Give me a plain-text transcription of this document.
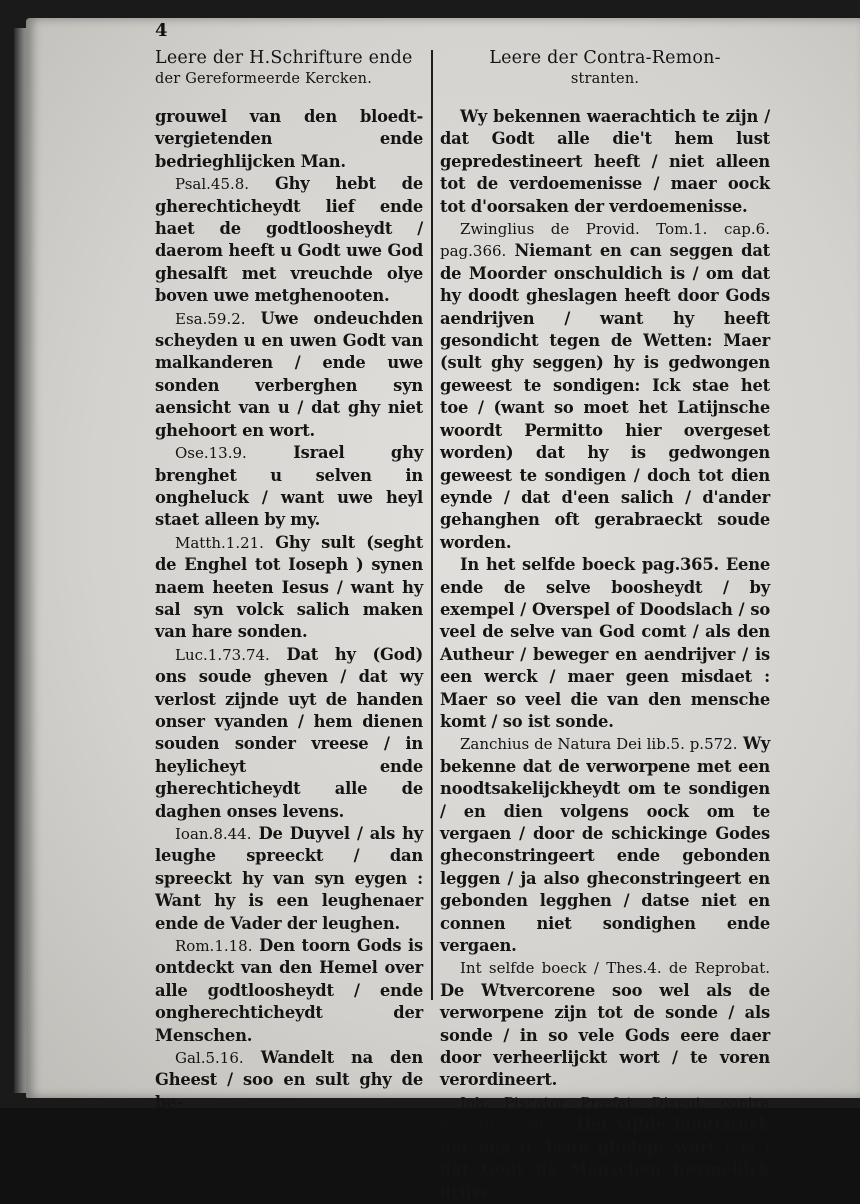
4
Leere der H.Schrifture ende
der Gereformeerde Kercken.

grouwel van den bloedt-vergietenden ende bedrieghlijcken Man.

Psal.45.8. Ghy hebt de gherechticheydt lief ende haet de godtloosheydt / daerom heeft u Godt uwe God ghesalft met vreuchde olye boven uwe metghenooten.

Esa.59.2. Uwe ondeuchden scheyden u en uwen Godt van malkanderen / ende uwe sonden verberghen syn aensicht van u / dat ghy niet ghehoort en wort.

Ose.13.9.	Israel ghy brenghet u selven in ongheluck / want uwe heyl staet alleen by my.

Matth.1.21. Ghy sult (seght de Enghel tot Ioseph ) synen naem heeten Iesus / want hy sal syn volck salich maken van hare sonden.

Luc.1.73.74. Dat hy (God) ons soude gheven / dat wy verlost zijnde uyt de handen onser vyanden / hem dienen souden sonder vreese / in heylicheyt ende gherechticheydt alle de daghen onses levens.

Ioan.8.44. De Duyvel / als hy leughe spreeckt / dan spreeckt hy van syn eygen : Want hy is een leughenaer ende de Vader der leughen.

Rom.1.18. Den toorn Gods is ontdeckt van den Hemel over alle godtloosheydt / ende ongherechticheydt der Menschen.

Gal.5.16. Wandelt na den Gheest / soo en sult ghy de be-

Leere der Contra-Remon-
stranten.

Wy bekennen waerachtich te zijn / dat Godt alle die't hem lust gepredestineert heeft / niet alleen tot de verdoemenisse / maer oock tot d'oorsaken der verdoemenisse.

Zwinglius de Provid. Tom.1. cap.6. pag.366. Niemant en can seggen dat de Moorder onschuldich is / om dat hy doodt gheslagen heeft door Gods aendrijven / want hy heeft gesondicht tegen de Wetten: Maer (sult ghy seggen) hy is gedwongen geweest te sondigen: Ick stae het toe / (want so moet het Latijnsche woordt Permitto hier overgeset worden) dat hy is gedwongen geweest te sondigen / doch tot dien eynde / dat d'een salich / d'ander gehanghen oft gerabraeckt soude worden.

In het selfde boeck pag.365. Eene ende de selve boosheydt / by exempel / Overspel of Doodslach / so veel de selve van God comt / als den Autheur / beweger en aendrijver / is een werck / maer geen misdaet : Maer so veel die van den mensche komt / so ist sonde.

Zanchius de Natura Dei lib.5. p.572. Wy bekenne dat de verworpene met een noodtsakelijckheydt om te sondigen / en dien volgens oock om te vergaen / door de schickinge Godes gheconstringeert ende gebonden leggen / ja also gheconstringeert en gebonden legghen / datse niet en connen niet sondighen ende vergaen.

Int selfde boeck / Thes.4. de Reprobat. De Wtvercorene soo wel als de verworpene zijn tot de sonde / als sonde / in so vele Gods eere daer door verheerlijckt wort / te voren verordineert.

Ioh. Piscator Præfat. Disput. contra Schasma. pag.7. Het vijfde hooftstuck dat ons te laste ghelept wort / is / dat Godt de Menschen heymelijck drijve
